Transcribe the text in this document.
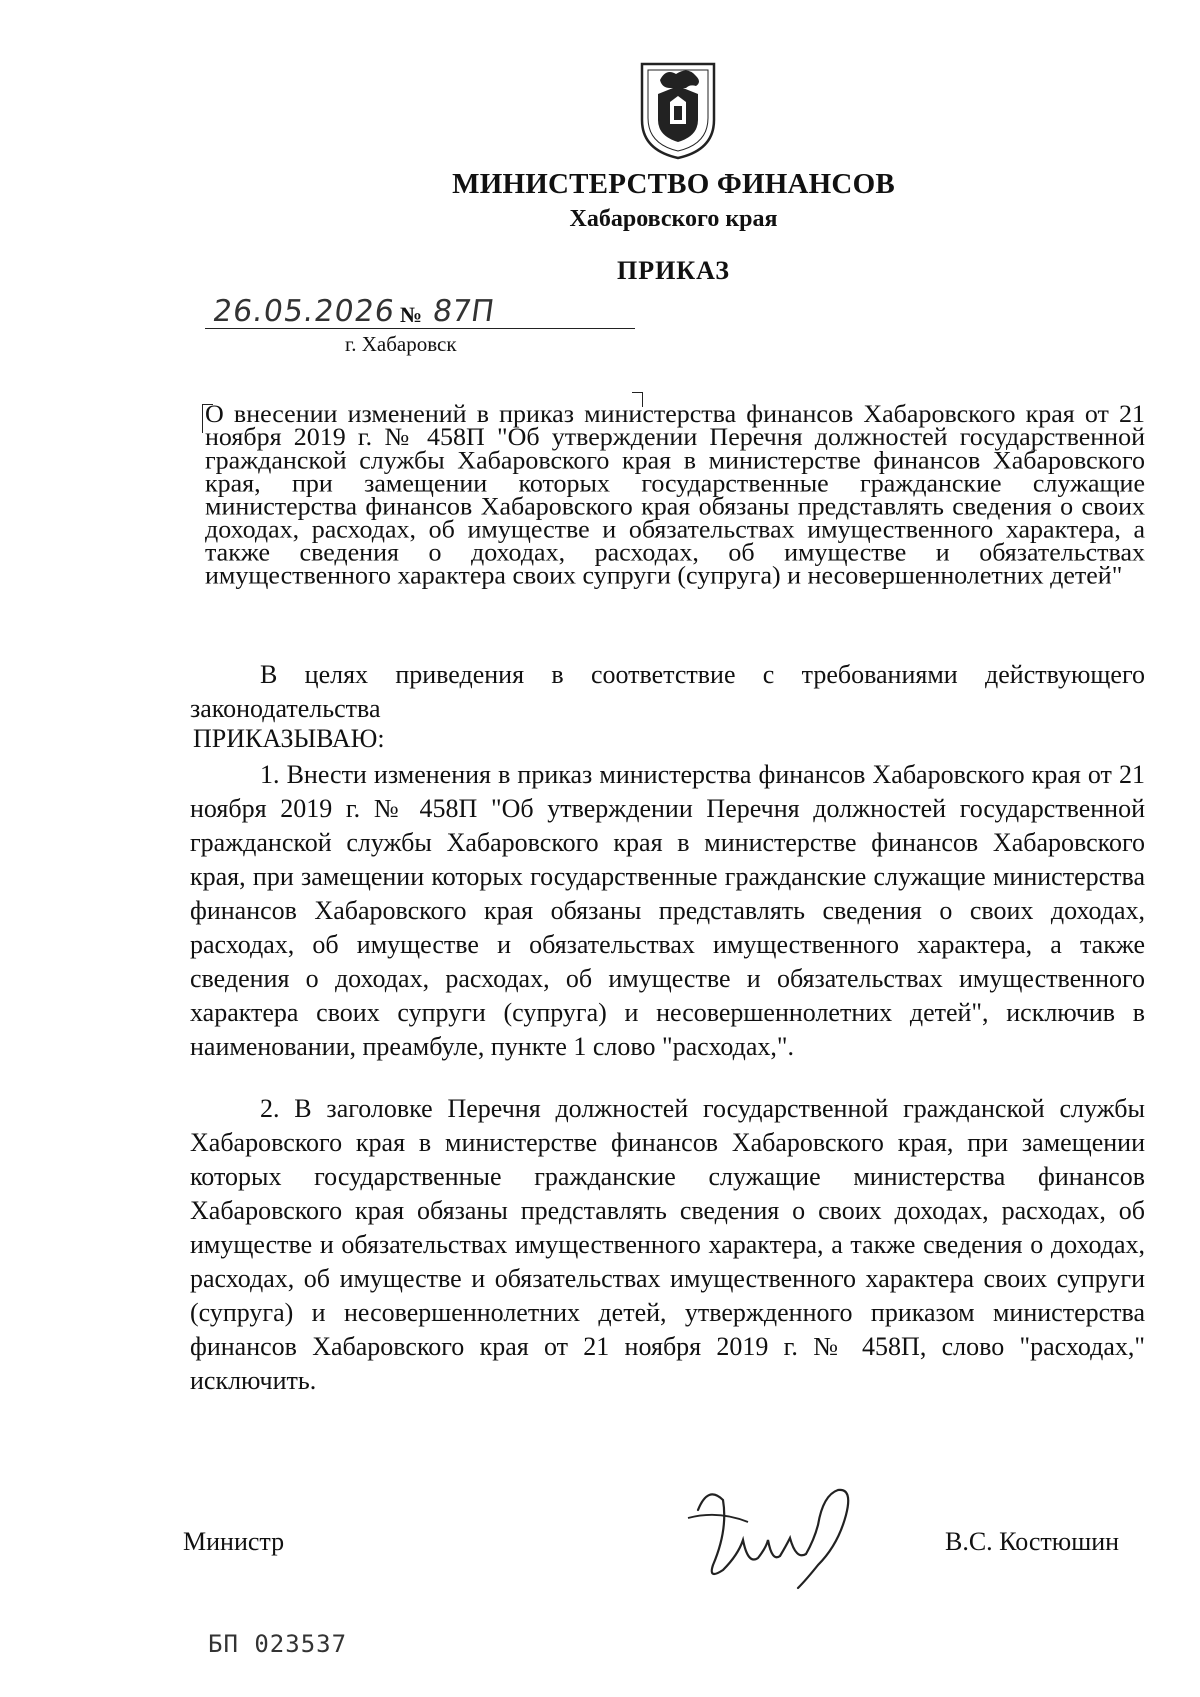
МИНИСТЕРСТВО ФИНАНСОВ
Хабаровского края
ПРИКАЗ
26.05.2026 № 87П
г. Хабаровск
О внесении изменений в приказ министерства финансов Хабаровского края от 21 ноября 2019 г. № 458П "Об утверждении Перечня должностей государственной гражданской службы Хабаровского края в министерстве финансов Хабаровского края, при замещении которых государственные гражданские служащие министерства финансов Хабаровского края обязаны представлять сведения о своих доходах, расходах, об имуществе и обязательствах имущественного характера, а также сведения о доходах, расходах, об имуществе и обязательствах имущественного характера своих супруги (супруга) и несовершеннолетних детей"

В целях приведения в соответствие с требованиями действующего законодательства

ПРИКАЗЫВАЮ:

1. Внести изменения в приказ министерства финансов Хабаровского края от 21 ноября 2019 г. № 458П "Об утверждении Перечня должностей государственной гражданской службы Хабаровского края в министерстве финансов Хабаровского края, при замещении которых государственные гражданские служащие министерства финансов Хабаровского края обязаны представлять сведения о своих доходах, расходах, об имуществе и обязательствах имущественного характера, а также сведения о доходах, расходах, об имуществе и обязательствах имущественного характера своих супруги (супруга) и несовершеннолетних детей", исключив в наименовании, преамбуле, пункте 1 слово "расходах,".

2. В заголовке Перечня должностей государственной гражданской службы Хабаровского края в министерстве финансов Хабаровского края, при замещении которых государственные гражданские служащие министерства финансов Хабаровского края обязаны представлять сведения о своих доходах, расходах, об имуществе и обязательствах имущественного характера, а также сведения о доходах, расходах, об имуществе и обязательствах имущественного характера своих супруги (супруга) и несовершеннолетних детей, утвержденного приказом министерства финансов Хабаровского края от 21 ноября 2019 г. № 458П, слово "расходах," исключить.

Министр	В.С. Костюшин
БП 023537
